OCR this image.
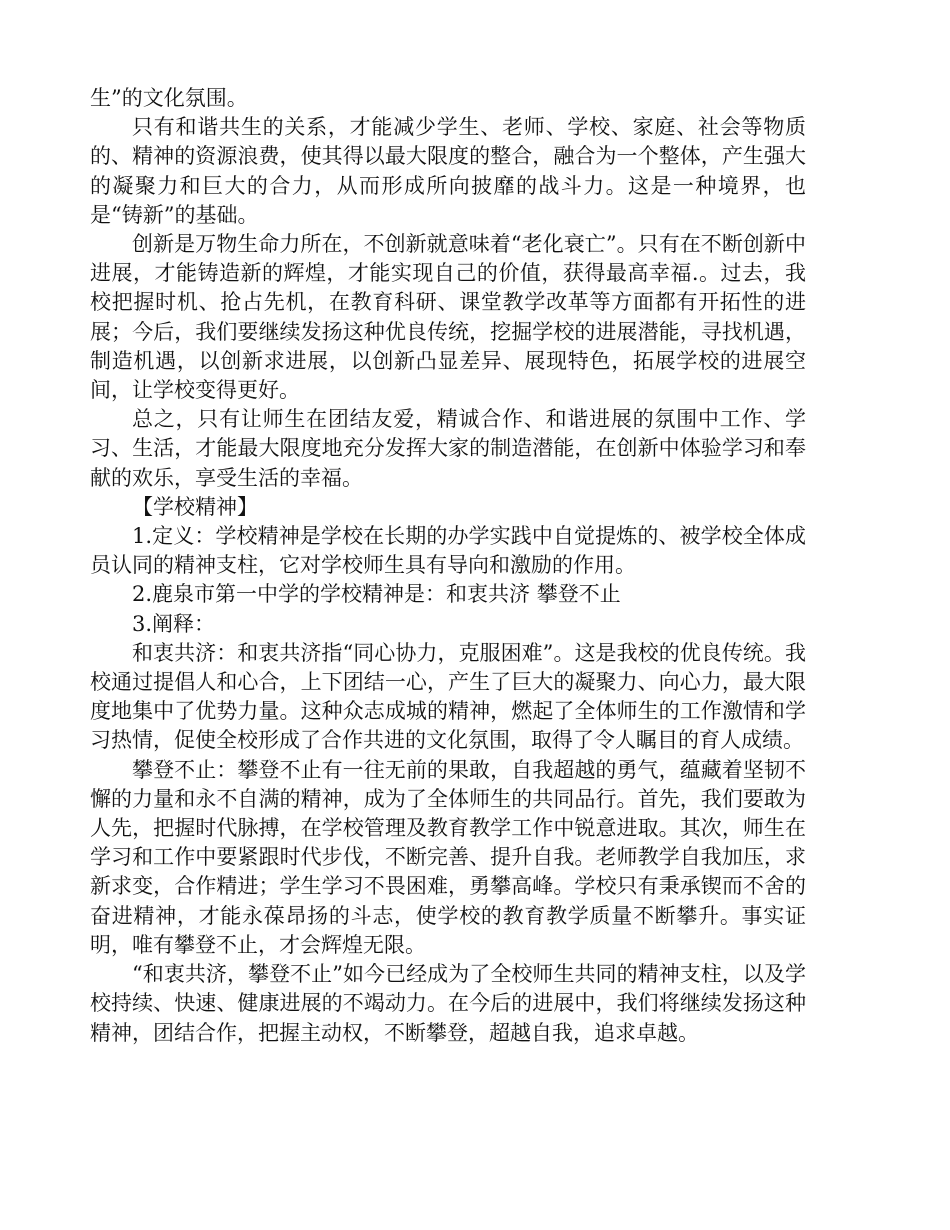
生”的文化氛围。

只有和谐共生的关系，才能减少学生、老师、学校、家庭、社会等物质的、精神的资源浪费，使其得以最大限度的整合，融合为一个整体，产生强大的凝聚力和巨大的合力，从而形成所向披靡的战斗力。这是一种境界，也是“铸新”的基础。

创新是万物生命力所在，不创新就意味着“老化衰亡”。只有在不断创新中进展，才能铸造新的辉煌，才能实现自己的价值，获得最高幸福.。过去，我校把握时机、抢占先机，在教育科研、课堂教学改革等方面都有开拓性的进展；今后，我们要继续发扬这种优良传统，挖掘学校的进展潜能，寻找机遇，制造机遇，以创新求进展，以创新凸显差异、展现特色，拓展学校的进展空间，让学校变得更好。

总之，只有让师生在团结友爱，精诚合作、和谐进展的氛围中工作、学习、生活，才能最大限度地充分发挥大家的制造潜能，在创新中体验学习和奉献的欢乐，享受生活的幸福。

【学校精神】

1.定义：学校精神是学校在长期的办学实践中自觉提炼的、被学校全体成员认同的精神支柱，它对学校师生具有导向和激励的作用。

2.鹿泉市第一中学的学校精神是：和衷共济 攀登不止

3.阐释：

和衷共济：和衷共济指“同心协力，克服困难”。这是我校的优良传统。我校通过提倡人和心合，上下团结一心，产生了巨大的凝聚力、向心力，最大限度地集中了优势力量。这种众志成城的精神，燃起了全体师生的工作激情和学习热情，促使全校形成了合作共进的文化氛围，取得了令人瞩目的育人成绩。

攀登不止：攀登不止有一往无前的果敢，自我超越的勇气，蕴藏着坚韧不懈的力量和永不自满的精神，成为了全体师生的共同品行。首先，我们要敢为人先，把握时代脉搏，在学校管理及教育教学工作中锐意进取。其次，师生在学习和工作中要紧跟时代步伐，不断完善、提升自我。老师教学自我加压，求新求变，合作精进；学生学习不畏困难，勇攀高峰。学校只有秉承锲而不舍的奋进精神，才能永葆昂扬的斗志，使学校的教育教学质量不断攀升。事实证明，唯有攀登不止，才会辉煌无限。

“和衷共济，攀登不止”如今已经成为了全校师生共同的精神支柱，以及学校持续、快速、健康进展的不竭动力。在今后的进展中，我们将继续发扬这种精神，团结合作，把握主动权，不断攀登，超越自我，追求卓越。
